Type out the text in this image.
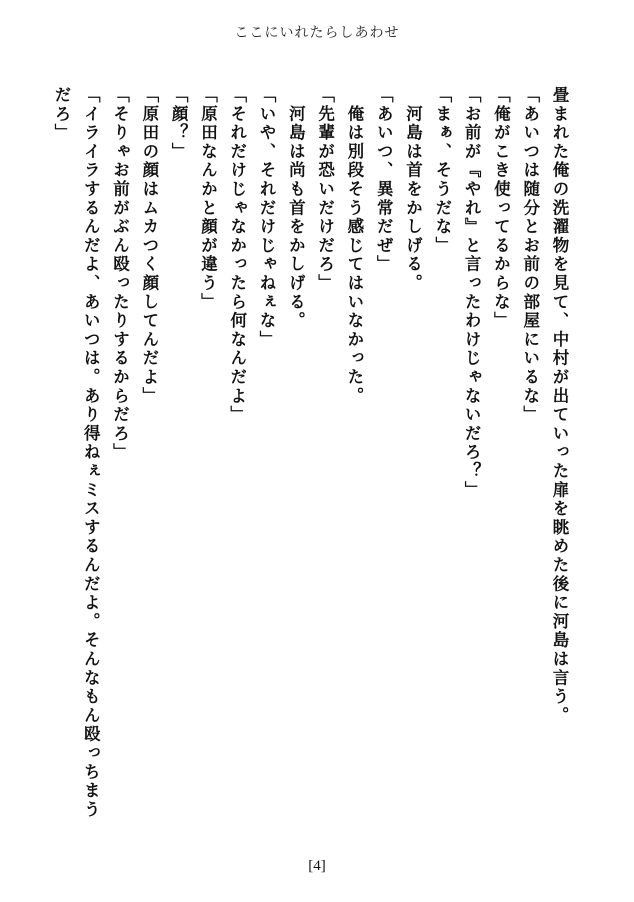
ここにいれたらしあわせ

畳まれた俺の洗濯物を見て、中村が出ていった扉を眺めた後に河島は言う。

「あいつは随分とお前の部屋にいるな」

「俺がこき使ってるからな」

「お前が『やれ』と言ったわけじゃないだろ？」

「まぁ、そうだな」

　河島は首をかしげる。

「あいつ、異常だぜ」

　俺は別段そう感じてはいなかった。

「先輩が恐いだけだろ」

　河島は尚も首をかしげる。

「いや、それだけじゃねぇな」

「それだけじゃなかったら何なんだよ」

「原田なんかと顔が違う」

「顔？」

「原田の顔はムカつく顔してんだよ」

「そりゃお前がぶん殴ったりするからだろ」

「イライラするんだよ、あいつは。あり得ねぇミスするんだよ。そんなもん殴っちまうだろ」

[4]
